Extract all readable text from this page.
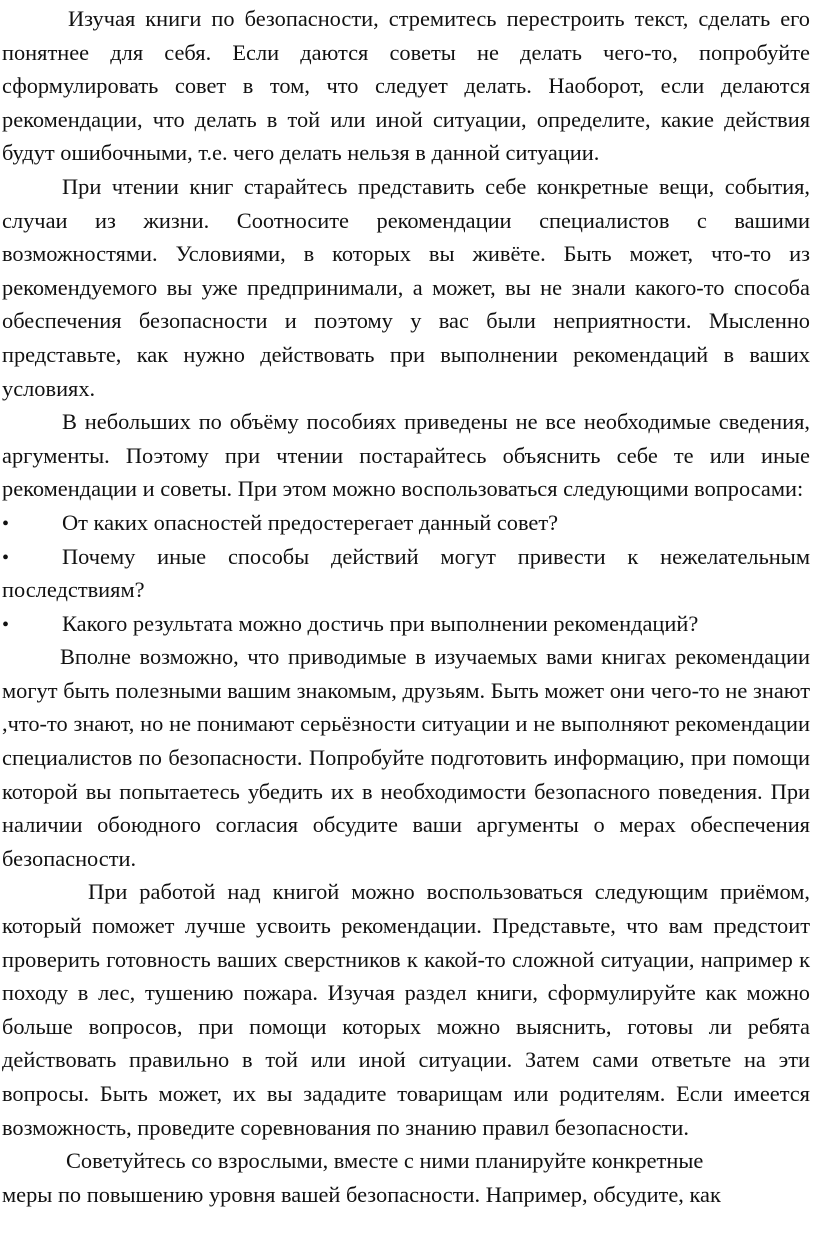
Изучая книги по безопасности, стремитесь перестроить текст, сделать его понятнее для себя. Если даются советы не делать чего-то, попробуйте сформулировать совет в том, что следует делать. Наоборот, если делаются рекомендации, что делать в той или иной ситуации, определите, какие действия будут ошибочными, т.е. чего делать нельзя в данной ситуации.

При чтении книг старайтесь представить себе конкретные вещи, события, случаи из жизни. Соотносите рекомендации специалистов с вашими возможностями. Условиями, в которых вы живёте. Быть может, что-то из рекомендуемого вы уже предпринимали, а может, вы не знали какого-то способа обеспечения безопасности и поэтому у вас были неприятности. Мысленно представьте, как нужно действовать при выполнении рекомендаций в ваших условиях.

В небольших по объёму пособиях приведены не все необходимые сведения, аргументы. Поэтому при чтении постарайтесь объяснить себе те или иные рекомендации и советы. При этом можно воспользоваться следующими вопросами:

•
От каких опасностей предостерегает данный совет?

•
Почему иные способы действий могут привести к нежелательным последствиям?

•
Какого результата можно достичь при выполнении рекомендаций?

Вполне возможно, что приводимые в изучаемых вами книгах рекомендации могут быть полезными вашим знакомым, друзьям. Быть может они чего-то не знают ,что-то знают, но не понимают серьёзности ситуации и не выполняют рекомендации специалистов по безопасности. Попробуйте подготовить информацию, при помощи которой вы попытаетесь убедить их в необходимости безопасного поведения. При наличии обоюдного согласия обсудите ваши аргументы о мерах обеспечения безопасности.

При работой над книгой можно воспользоваться следующим приёмом, который поможет лучше усвоить рекомендации. Представьте, что вам предстоит проверить готовность ваших сверстников к какой-то сложной ситуации, например к походу в лес, тушению пожара. Изучая раздел книги, сформулируйте как можно больше вопросов, при помощи которых можно выяснить, готовы ли ребята действовать правильно в той или иной ситуации. Затем сами ответьте на эти вопросы. Быть может, их вы зададите товарищам или родителям. Если имеется возможность, проведите соревнования по знанию правил безопасности.

Советуйтесь со взрослыми, вместе с ними планируйте конкретные

меры по повышению уровня вашей безопасности. Например, обсудите, как
